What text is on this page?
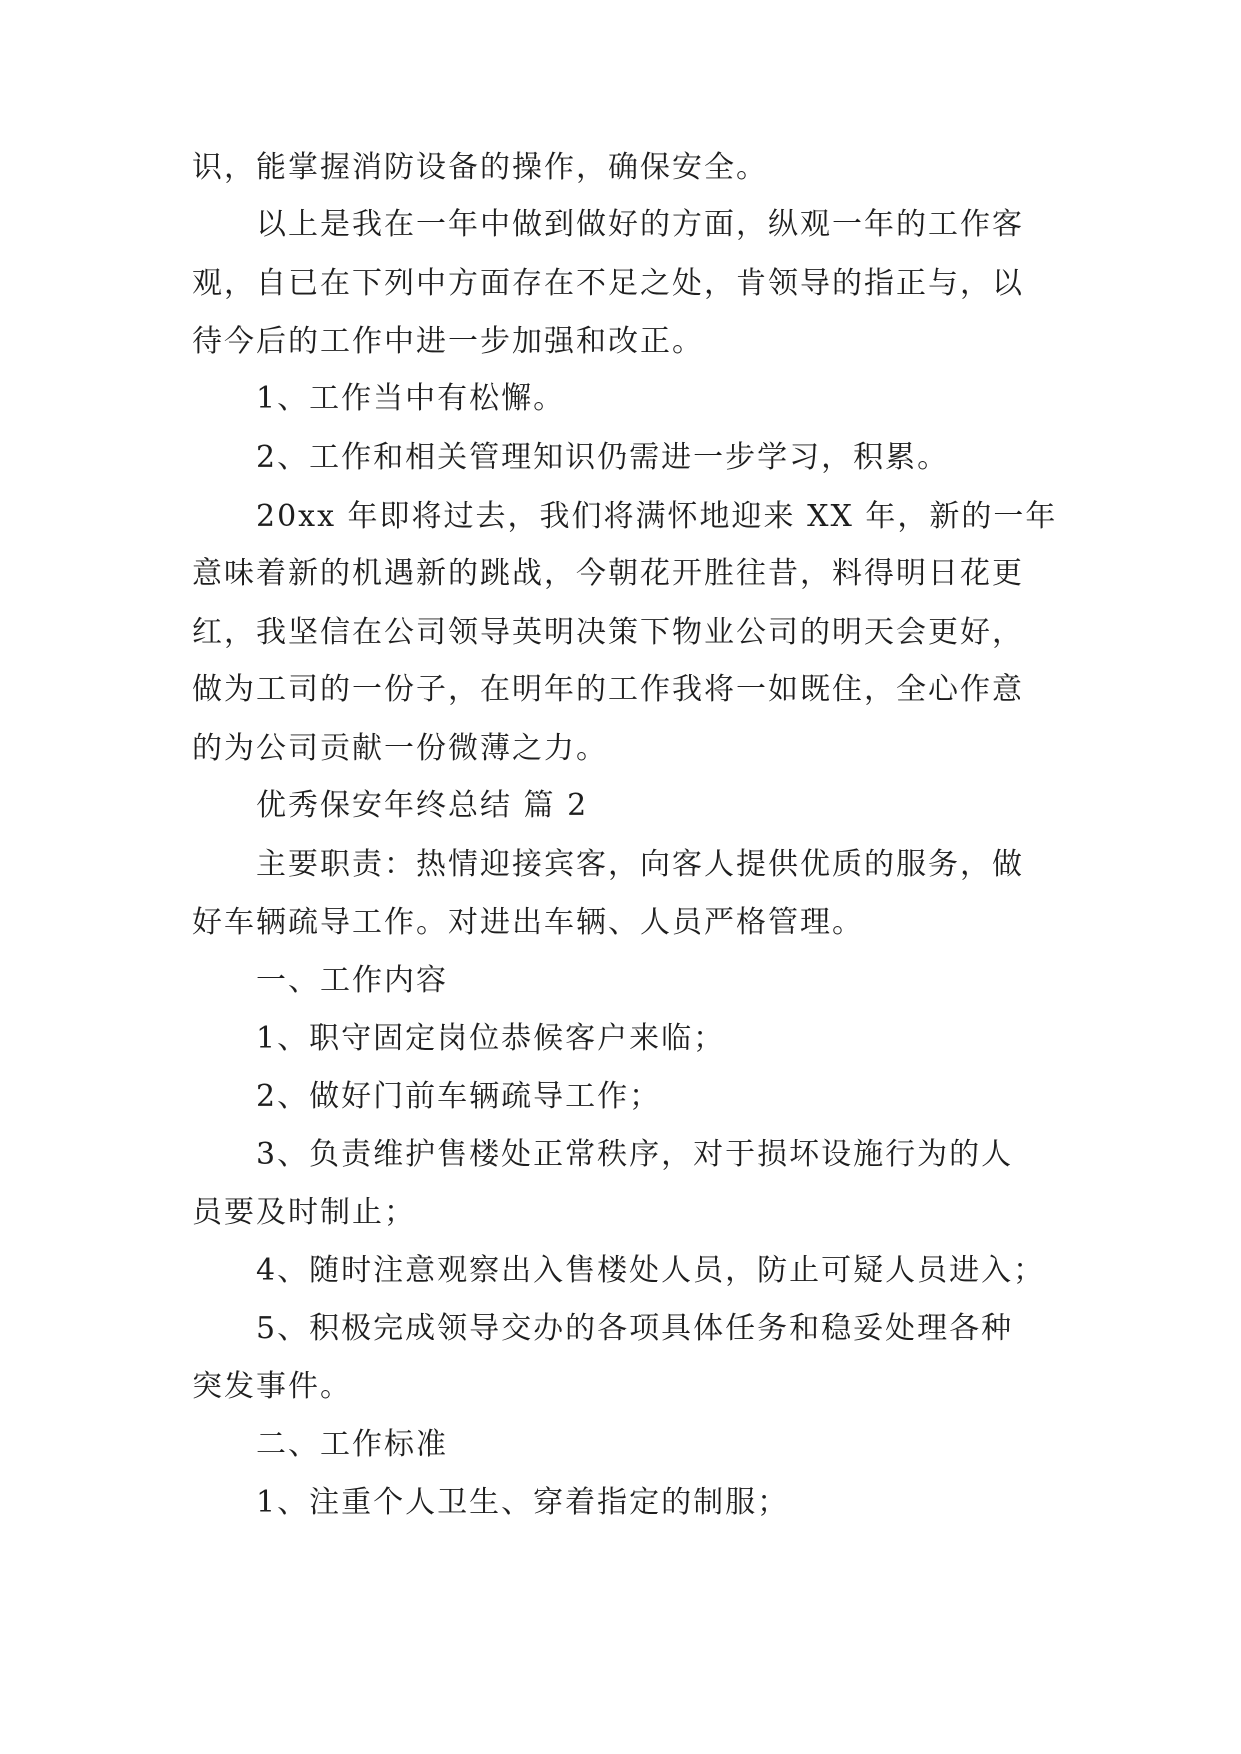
识，能掌握消防设备的操作，确保安全。

以上是我在一年中做到做好的方面，纵观一年的工作客

观，自已在下列中方面存在不足之处，肯领导的指正与，以

待今后的工作中进一步加强和改正。

1、工作当中有松懈。

2、工作和相关管理知识仍需进一步学习，积累。

20xx 年即将过去，我们将满怀地迎来 XX 年，新的一年

意味着新的机遇新的跳战，今朝花开胜往昔，料得明日花更

红，我坚信在公司领导英明决策下物业公司的明天会更好，

做为工司的一份子，在明年的工作我将一如既住，全心作意

的为公司贡献一份微薄之力。

优秀保安年终总结 篇 2

主要职责：热情迎接宾客，向客人提供优质的服务，做

好车辆疏导工作。对进出车辆、人员严格管理。

一、工作内容

1、职守固定岗位恭候客户来临；

2、做好门前车辆疏导工作；

3、负责维护售楼处正常秩序，对于损坏设施行为的人

员要及时制止；

4、随时注意观察出入售楼处人员，防止可疑人员进入；

5、积极完成领导交办的各项具体任务和稳妥处理各种

突发事件。

二、工作标准

1、注重个人卫生、穿着指定的制服；
